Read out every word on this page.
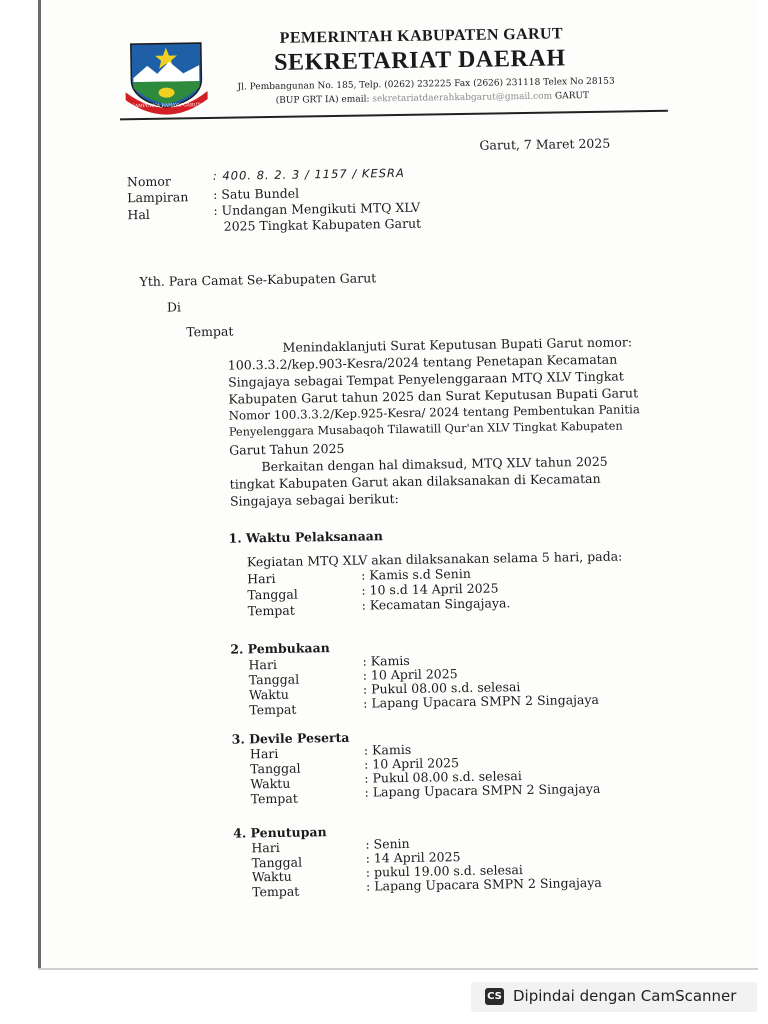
SAMPURNA RAHAYU GARUT
PEMERINTAH KABUPATEN GARUT
SEKRETARIAT DAERAH
Jl. Pembangunan No. 185, Telp. (0262) 232225 Fax (2626) 231118 Telex No 28153
(BUP GRT IA) email: sekretariatdaerahkabgarut@gmail.com GARUT
Garut, 7 Maret 2025
Nomor	: 400. 8. 2. 3 / 1157 / KESRA
Lampiran : Satu Bundel
Hal	: Undangan Mengikuti MTQ XLV
2025 Tingkat Kabupaten Garut
Yth. Para Camat Se-Kabupaten Garut
Di
Tempat
Menindaklanjuti Surat Keputusan Bupati Garut nomor:
100.3.3.2/kep.903-Kesra/2024 tentang Penetapan Kecamatan
Singajaya sebagai Tempat Penyelenggaraan MTQ XLV Tingkat
Kabupaten Garut tahun 2025 dan Surat Keputusan Bupati Garut
Nomor 100.3.3.2/Kep.925-Kesra/ 2024 tentang Pembentukan Panitia
Penyelenggara Musabaqoh Tilawatill Qur'an XLV Tingkat Kabupaten
Garut Tahun 2025
Berkaitan dengan hal dimaksud, MTQ XLV tahun 2025
tingkat Kabupaten Garut akan dilaksanakan di Kecamatan
Singajaya sebagai berikut:
1. Waktu Pelaksanaan
Kegiatan MTQ XLV akan dilaksanakan selama 5 hari, pada:
Hari	: Kamis s.d Senin
Tanggal	: 10 s.d 14 April 2025
Tempat	: Kecamatan Singajaya.
2. Pembukaan
Hari	: Kamis
Tanggal	: 10 April 2025
Waktu	: Pukul 08.00 s.d. selesai
Tempat	: Lapang Upacara SMPN 2 Singajaya
3. Devile Peserta
Hari	: Kamis
Tanggal	: 10 April 2025
Waktu	: Pukul 08.00 s.d. selesai
Tempat	: Lapang Upacara SMPN 2 Singajaya
4. Penutupan
Hari	: Senin
Tanggal	: 14 April 2025
Waktu	: pukul 19.00 s.d. selesai
Tempat	: Lapang Upacara SMPN 2 Singajaya
CS Dipindai dengan CamScanner
